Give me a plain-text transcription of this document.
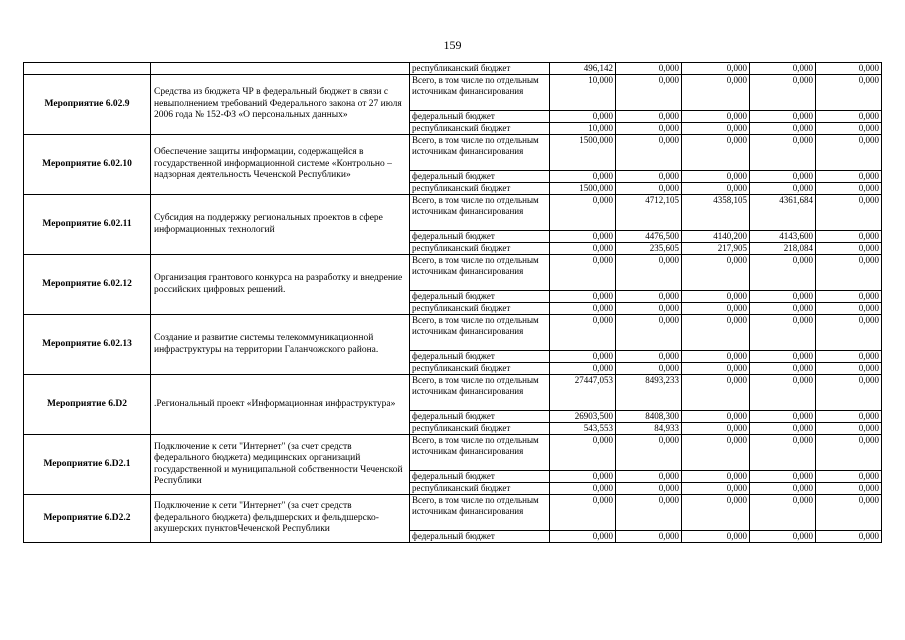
159
		республиканский бюджет	496,142	0,000	0,000	0,000	0,000
Мероприятие 6.02.9	Средства из бюджета ЧР в федеральный бюджет в связи с невыполнением требований Федерального закона от 27 июля 2006 года № 152-ФЗ «О персональных данных»	Всего, в том числе по отдельным источникам финансирования	10,000	0,000	0,000	0,000	0,000
		федеральный бюджет	0,000	0,000	0,000	0,000	0,000
		республиканский бюджет	10,000	0,000	0,000	0,000	0,000
Мероприятие 6.02.10	Обеспечение защиты информации, содержащейся в государственной информационной системе «Контрольно – надзорная деятельность Чеченской Республики»	Всего, в том числе по отдельным источникам финансирования	1500,000	0,000	0,000	0,000	0,000
		федеральный бюджет	0,000	0,000	0,000	0,000	0,000
		республиканский бюджет	1500,000	0,000	0,000	0,000	0,000
Мероприятие 6.02.11	Субсидия на поддержку региональных проектов в сфере информационных технологий	Всего, в том числе по отдельным источникам финансирования	0,000	4712,105	4358,105	4361,684	0,000
		федеральный бюджет	0,000	4476,500	4140,200	4143,600	0,000
		республиканский бюджет	0,000	235,605	217,905	218,084	0,000
Мероприятие 6.02.12	Организация грантового конкурса на разработку и внедрение российских цифровых решений.	Всего, в том числе по отдельным источникам финансирования	0,000	0,000	0,000	0,000	0,000
		федеральный бюджет	0,000	0,000	0,000	0,000	0,000
		республиканский бюджет	0,000	0,000	0,000	0,000	0,000
Мероприятие 6.02.13	Создание и развитие системы телекоммуникационной инфраструктуры на территории Галанчожского района.	Всего, в том числе по отдельным источникам финансирования	0,000	0,000	0,000	0,000	0,000
		федеральный бюджет	0,000	0,000	0,000	0,000	0,000
		республиканский бюджет	0,000	0,000	0,000	0,000	0,000
Мероприятие 6.D2	.Региональный проект «Информационная инфраструктура»	Всего, в том числе по отдельным источникам финансирования	27447,053	8493,233	0,000	0,000	0,000
		федеральный бюджет	26903,500	8408,300	0,000	0,000	0,000
		республиканский бюджет	543,553	84,933	0,000	0,000	0,000
Мероприятие 6.D2.1	Подключение к сети "Интернет" (за счет средств федерального бюджета) медицинских организаций государственной и муниципальной собственности Чеченской Республики	Всего, в том числе по отдельным источникам финансирования	0,000	0,000	0,000	0,000	0,000
		федеральный бюджет	0,000	0,000	0,000	0,000	0,000
		республиканский бюджет	0,000	0,000	0,000	0,000	0,000
Мероприятие 6.D2.2	Подключение к сети "Интернет" (за счет средств федерального бюджета) фельдшерских и фельдшерско-акушерских пунктовЧеченской Республики	Всего, в том числе по отдельным источникам финансирования	0,000	0,000	0,000	0,000	0,000
		федеральный бюджет	0,000	0,000	0,000	0,000	0,000
